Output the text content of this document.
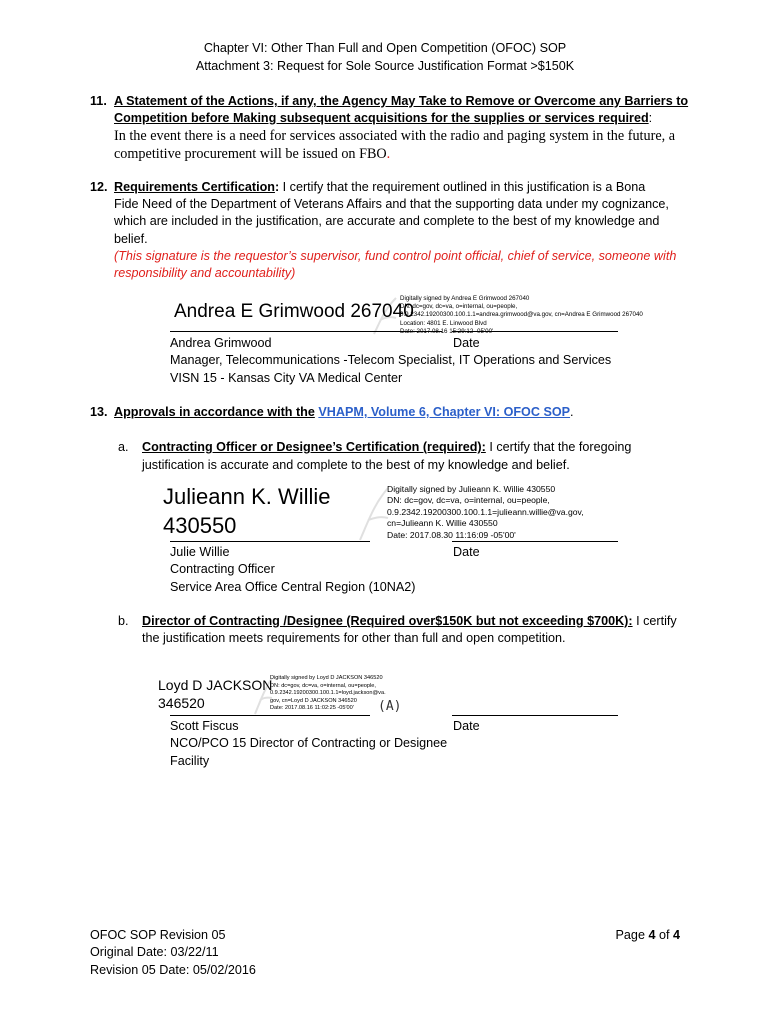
Chapter VI: Other Than Full and Open Competition (OFOC) SOP
Attachment 3: Request for Sole Source Justification Format >$150K
11. A Statement of the Actions, if any, the Agency May Take to Remove or Overcome any Barriers to
Competition before Making subsequent acquisitions for the supplies or services required:
In the event there is a need for services associated with the radio and paging system in the future, a
competitive procurement will be issued on FBO.
12. Requirements Certification: I certify that the requirement outlined in this justification is a Bona
Fide Need of the Department of Veterans Affairs and that the supporting data under my cognizance,
which are included in the justification, are accurate and complete to the best of my knowledge and
belief.
(This signature is the requestor’s supervisor, fund control point official, chief of service, someone with
responsibility and accountability)
Andrea E Grimwood 267040
Digitally signed by Andrea E Grimwood 267040
DN: dc=gov, dc=va, o=internal, ou=people,
0.9.2342.19200300.100.1.1=andrea.grimwood@va.gov, cn=Andrea E Grimwood 267040
Location: 4801 E. Linwood Blvd
Date: 2017.08.16 15:29:12 -05'00'
Andrea Grimwood	Date
Manager, Telecommunications -Telecom Specialist, IT Operations and Services
VISN 15 - Kansas City VA Medical Center
13. Approvals in accordance with the VHAPM, Volume 6, Chapter VI: OFOC SOP.
a. Contracting Officer or Designee’s Certification (required): I certify that the foregoing
justification is accurate and complete to the best of my knowledge and belief.
Julieann K. Willie
430550
Digitally signed by Julieann K. Willie 430550
DN: dc=gov, dc=va, o=internal, ou=people,
0.9.2342.19200300.100.1.1=julieann.willie@va.gov,
cn=Julieann K. Willie 430550
Date: 2017.08.30 11:16:09 -05'00'
Julie Willie	Date
Contracting Officer
Service Area Office Central Region (10NA2)
b. Director of Contracting /Designee (Required over$150K but not exceeding $700K): I certify
the justification meets requirements for other than full and open competition.
Loyd D JACKSON
346520
Digitally signed by Loyd D JACKSON 346520
DN: dc=gov, dc=va, o=internal, ou=people,
0.9.2342.19200300.100.1.1=loyd.jackson@va.
gov, cn=Loyd D JACKSON 346520
Date: 2017.08.16 11:02:25 -05'00'	(A)
Scott Fiscus	Date
NCO/PCO 15 Director of Contracting or Designee
Facility
OFOC SOP Revision 05
Original Date: 03/22/11
Revision 05 Date: 05/02/2016
Page 4 of 4
